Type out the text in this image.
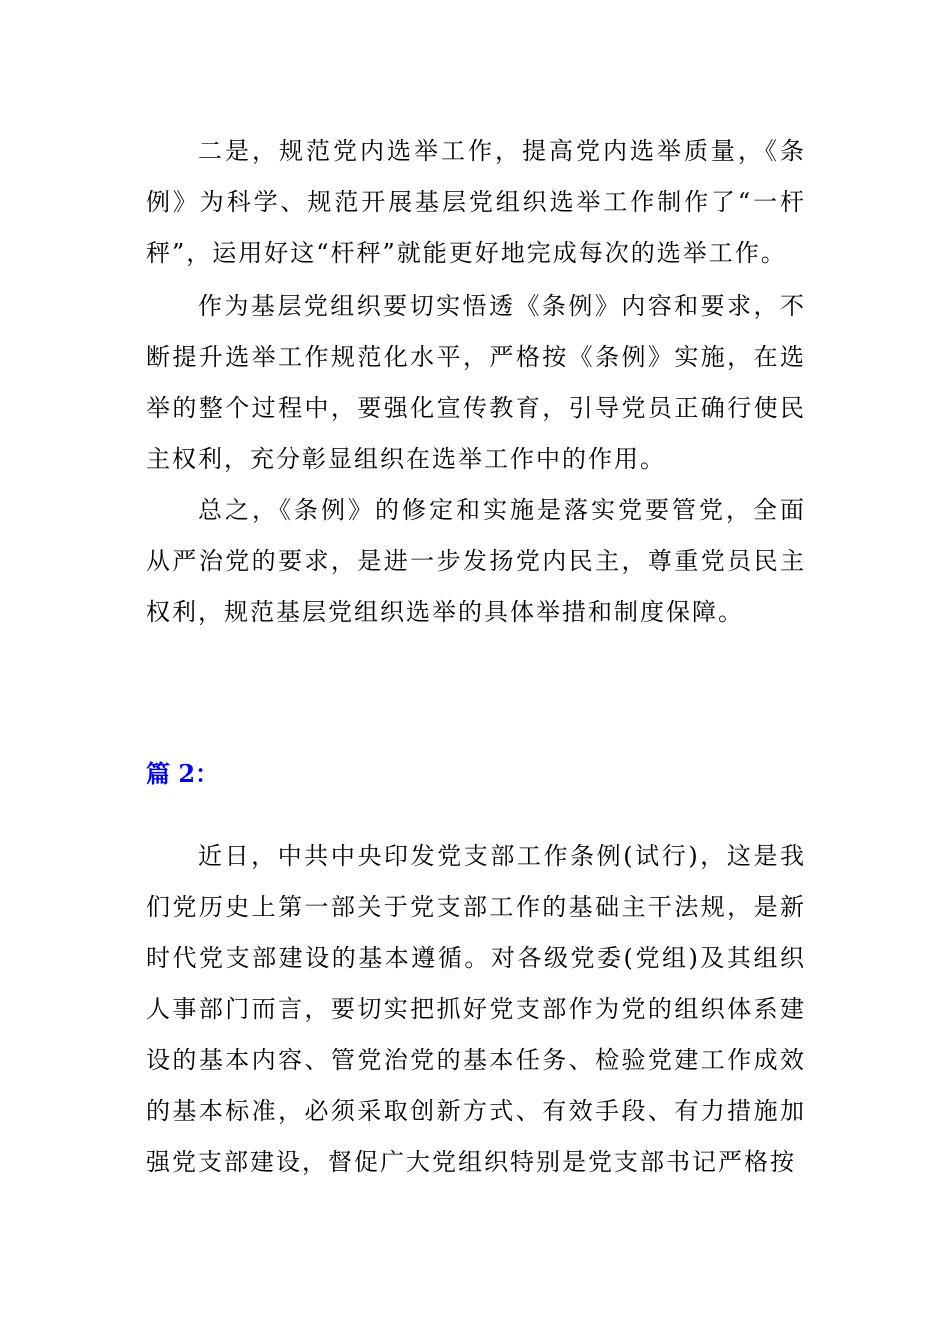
二是，规范党内选举工作，提高党内选举质量，《条例》为科学、规范开展基层党组织选举工作制作了“一杆秤”，运用好这“杆秤”就能更好地完成每次的选举工作。

作为基层党组织要切实悟透《条例》内容和要求，不断提升选举工作规范化水平，严格按《条例》实施，在选举的整个过程中，要强化宣传教育，引导党员正确行使民主权利，充分彰显组织在选举工作中的作用。

总之，《条例》的修定和实施是落实党要管党，全面从严治党的要求，是进一步发扬党内民主，尊重党员民主权利，规范基层党组织选举的具体举措和制度保障。

篇 2：

近日，中共中央印发党支部工作条例(试行)，这是我们党历史上第一部关于党支部工作的基础主干法规，是新时代党支部建设的基本遵循。对各级党委(党组)及其组织人事部门而言，要切实把抓好党支部作为党的组织体系建设的基本内容、管党治党的基本任务、检验党建工作成效的基本标准，必须采取创新方式、有效手段、有力措施加强党支部建设，督促广大党组织特别是党支部书记严格按
